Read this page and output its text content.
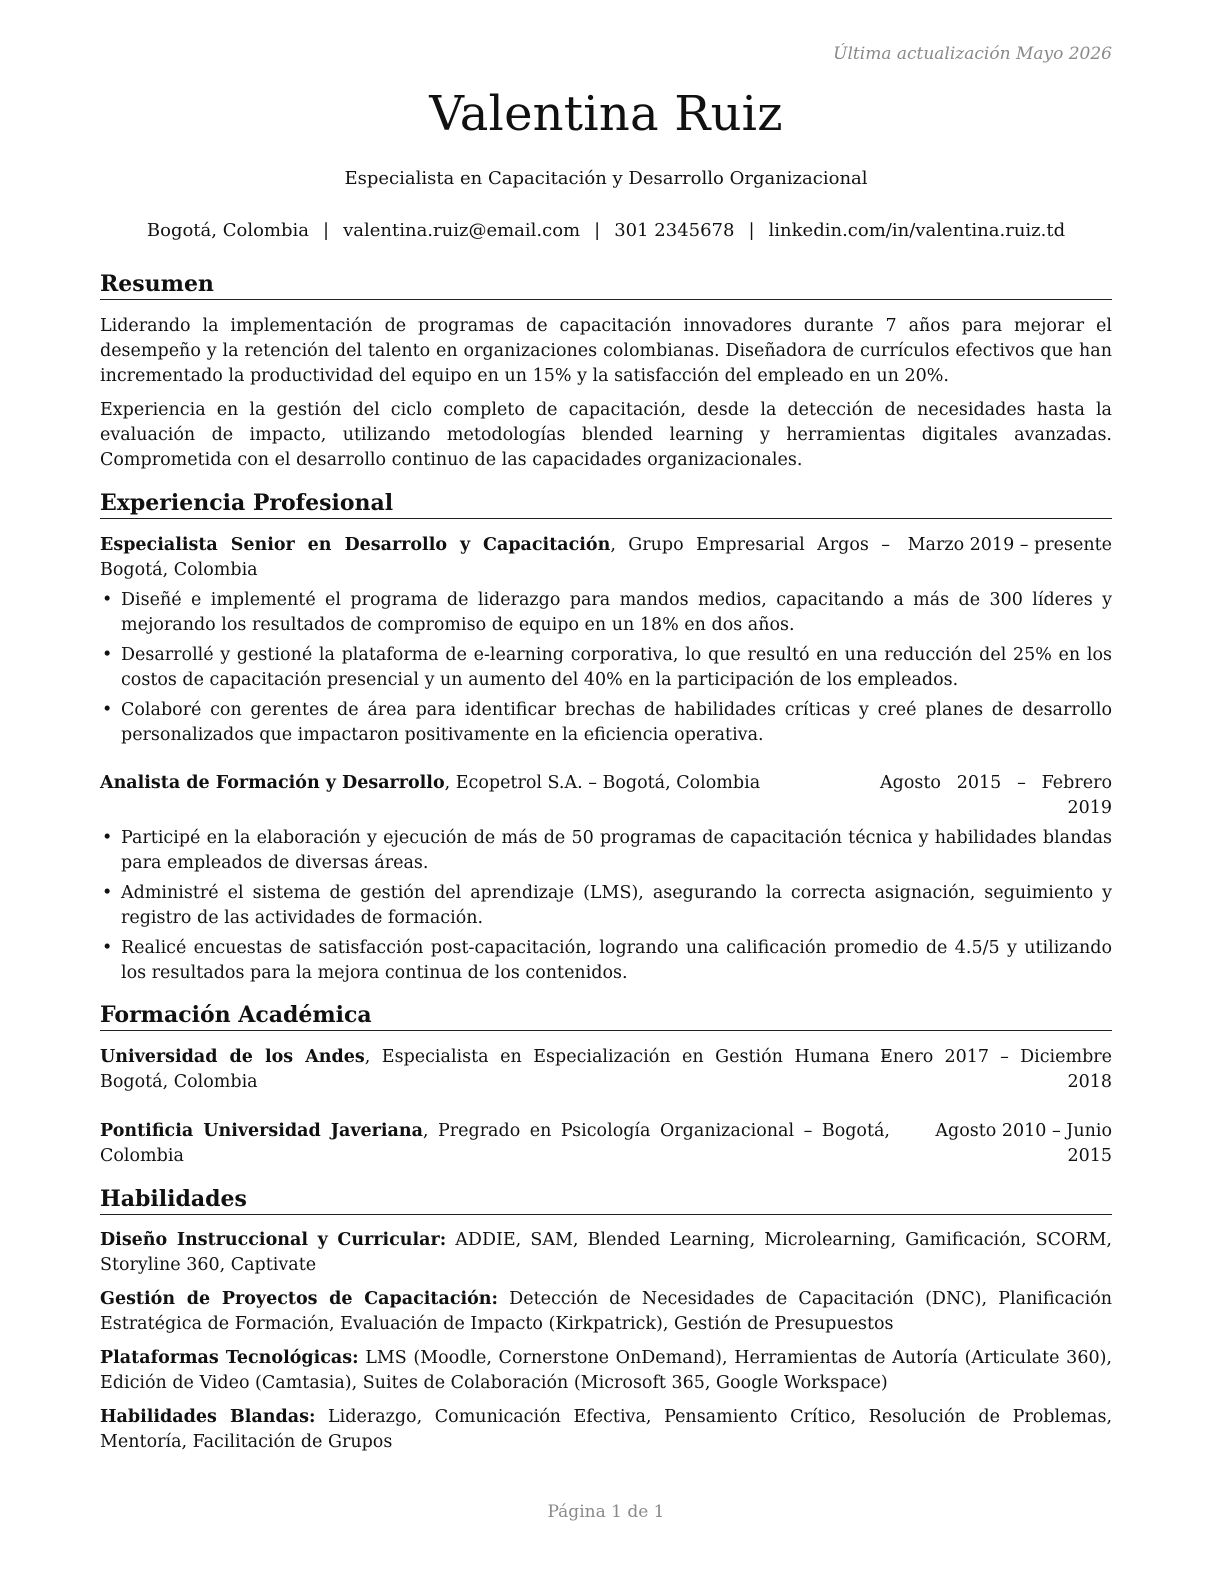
Última actualización Mayo 2026
Valentina Ruiz
Especialista en Capacitación y Desarrollo Organizacional
Bogotá, Colombia | valentina.ruiz@email.com | 301 2345678 | linkedin.com/in/valentina.ruiz.td
Resumen
Liderando la implementación de programas de capacitación innovadores durante 7 años para mejorar el desempeño y la retención del talento en organizaciones colombianas. Diseñadora de currículos efectivos que han incrementado la productividad del equipo en un 15% y la satisfacción del empleado en un 20%.
Experiencia en la gestión del ciclo completo de capacitación, desde la detección de necesidades hasta la evaluación de impacto, utilizando metodologías blended learning y herramientas digitales avanzadas. Comprometida con el desarrollo continuo de las capacidades organizacionales.
Experiencia Profesional
Especialista Senior en Desarrollo y Capacitación, Grupo Empresarial Argos – Bogotá, Colombia
Marzo 2019 – presente
• Diseñé e implementé el programa de liderazgo para mandos medios, capacitando a más de 300 líderes y mejorando los resultados de compromiso de equipo en un 18% en dos años.
• Desarrollé y gestioné la plataforma de e-learning corporativa, lo que resultó en una reducción del 25% en los costos de capacitación presencial y un aumento del 40% en la participación de los empleados.
• Colaboré con gerentes de área para identificar brechas de habilidades críticas y creé planes de desarrollo personalizados que impactaron positivamente en la eficiencia operativa.
Analista de Formación y Desarrollo, Ecopetrol S.A. – Bogotá, Colombia	Agosto 2015 – Febrero 2019
• Participé en la elaboración y ejecución de más de 50 programas de capacitación técnica y habilidades blandas para empleados de diversas áreas.
• Administré el sistema de gestión del aprendizaje (LMS), asegurando la correcta asignación, seguimiento y registro de las actividades de formación.
• Realicé encuestas de satisfacción post-capacitación, logrando una calificación promedio de 4.5/5 y utilizando los resultados para la mejora continua de los contenidos.
Formación Académica
Universidad de los Andes, Especialista en Especialización en Gestión Humana – Bogotá, Colombia
Enero 2017 – Diciembre 2018
Pontificia Universidad Javeriana, Pregrado en Psicología Organizacional – Bogotá, Colombia
Agosto 2010 – Junio 2015
Habilidades
Diseño Instruccional y Curricular: ADDIE, SAM, Blended Learning, Microlearning, Gamificación, SCORM, Storyline 360, Captivate
Gestión de Proyectos de Capacitación: Detección de Necesidades de Capacitación (DNC), Planificación Estratégica de Formación, Evaluación de Impacto (Kirkpatrick), Gestión de Presupuestos
Plataformas Tecnológicas: LMS (Moodle, Cornerstone OnDemand), Herramientas de Autoría (Articulate 360), Edición de Video (Camtasia), Suites de Colaboración (Microsoft 365, Google Workspace)
Habilidades Blandas: Liderazgo, Comunicación Efectiva, Pensamiento Crítico, Resolución de Problemas, Mentoría, Facilitación de Grupos
Página 1 de 1
